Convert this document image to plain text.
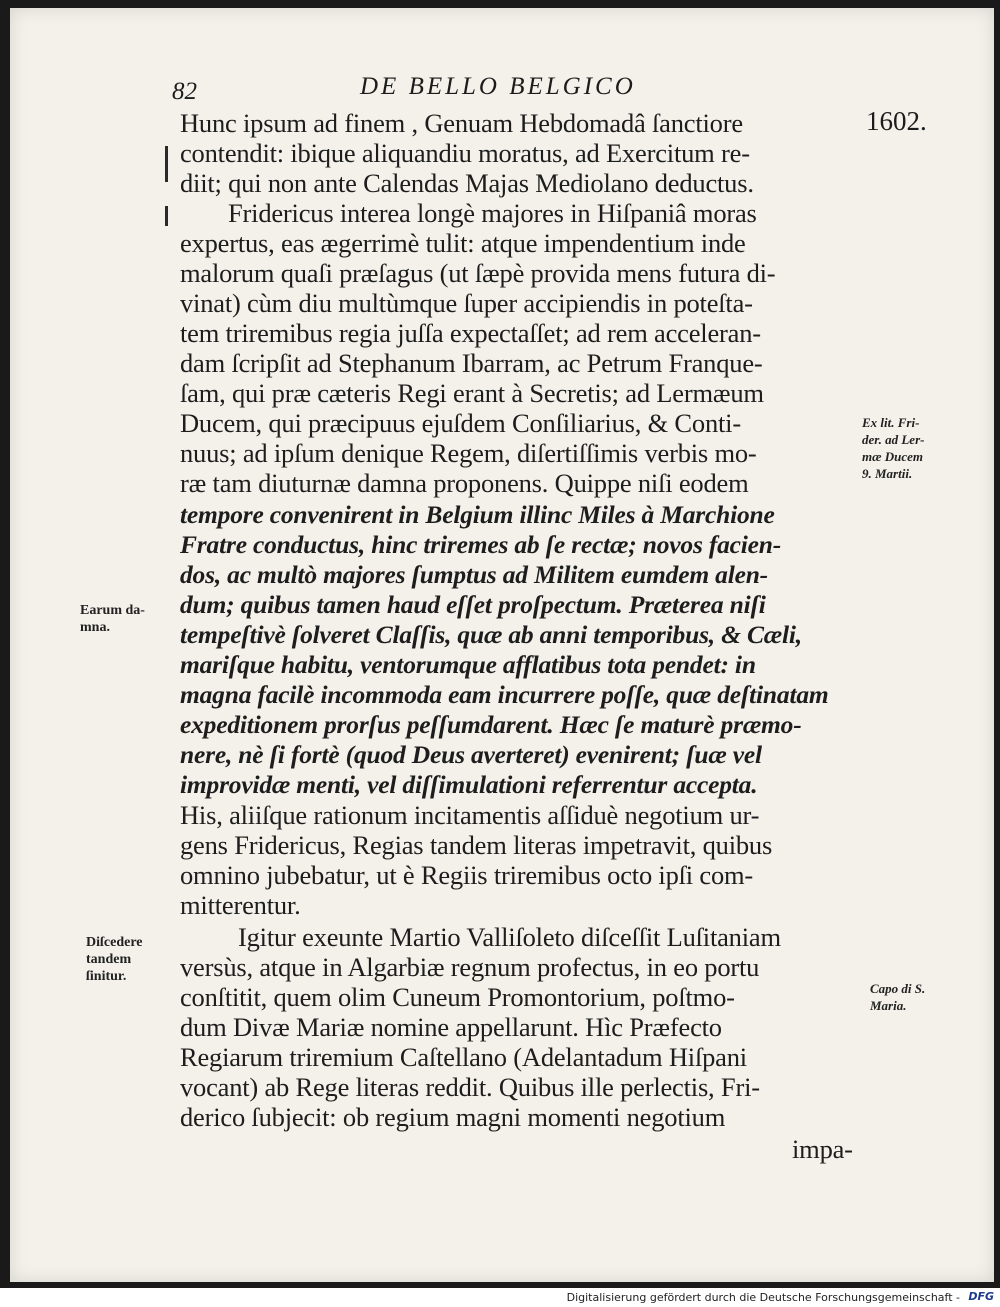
82	DE BELLO BELGICO
1602.
Hunc ipsum ad finem , Genuam Hebdomadâ ſanctiore
contendit: ibique aliquandiu moratus, ad Exercitum re-
diit; qui non ante Calendas Majas Mediolano deductus.
Fridericus interea longè majores in Hiſpaniâ moras
expertus, eas ægerrimè tulit: atque impendentium inde
malorum quaſi præſagus (ut ſæpè provida mens futura di-
vinat) cùm diu multùmque ſuper accipiendis in poteſta-
tem triremibus regia juſſa expectaſſet; ad rem acceleran-
dam ſcripſit ad Stephanum Ibarram, ac Petrum Franque-
ſam, qui præ cæteris Regi erant à Secretis; ad Lermæum
Ducem, qui præcipuus ejuſdem Conſiliarius, & Conti-
nuus; ad ipſum denique Regem, diſertiſſimis verbis mo-
ræ tam diuturnæ damna proponens. Quippe niſi eodem
tempore convenirent in Belgium illinc Miles à Marchione
Fratre conductus, hinc triremes ab ſe rectæ; novos facien-
dos, ac multò majores ſumptus ad Militem eumdem alen-
dum; quibus tamen haud eſſet proſpectum. Præterea niſi
tempeſtivè ſolveret Claſſis, quæ ab anni temporibus, & Cæli,
mariſque habitu, ventorumque afflatibus tota pendet: in
magna facilè incommoda eam incurrere poſſe, quæ deſtinatam
expeditionem prorſus peſſumdarent. Hæc ſe maturè præmo-
nere, nè ſi fortè (quod Deus averteret) evenirent; ſuæ vel
improvidæ menti, vel diſſimulationi referrentur accepta.
His, aliiſque rationum incitamentis aſſiduè negotium ur-
gens Fridericus, Regias tandem literas impetravit, quibus
omnino jubebatur, ut è Regiis triremibus octo ipſi com-
mitterentur.
Igitur exeunte Martio Valliſoleto diſceſſit Luſitaniam
versùs, atque in Algarbiæ regnum profectus, in eo portu
conſtitit, quem olim Cuneum Promontorium, poſtmo-
dum Divæ Mariæ nomine appellarunt. Hìc Præfecto
Regiarum triremium Caſtellano (Adelantadum Hiſpani
vocant) ab Rege literas reddit. Quibus ille perlectis, Fri-
derico ſubjecit: ob regium magni momenti negotium
impa-
Ex lit. Fri-
der. ad Ler-
mæ Ducem
9. Martii.
Earum da-
mna.
Diſcedere
tandem
ſinitur.
Capo di S.
Maria.
Digitalisierung gefördert durch die Deutsche Forschungsgemeinschaft - DFG
